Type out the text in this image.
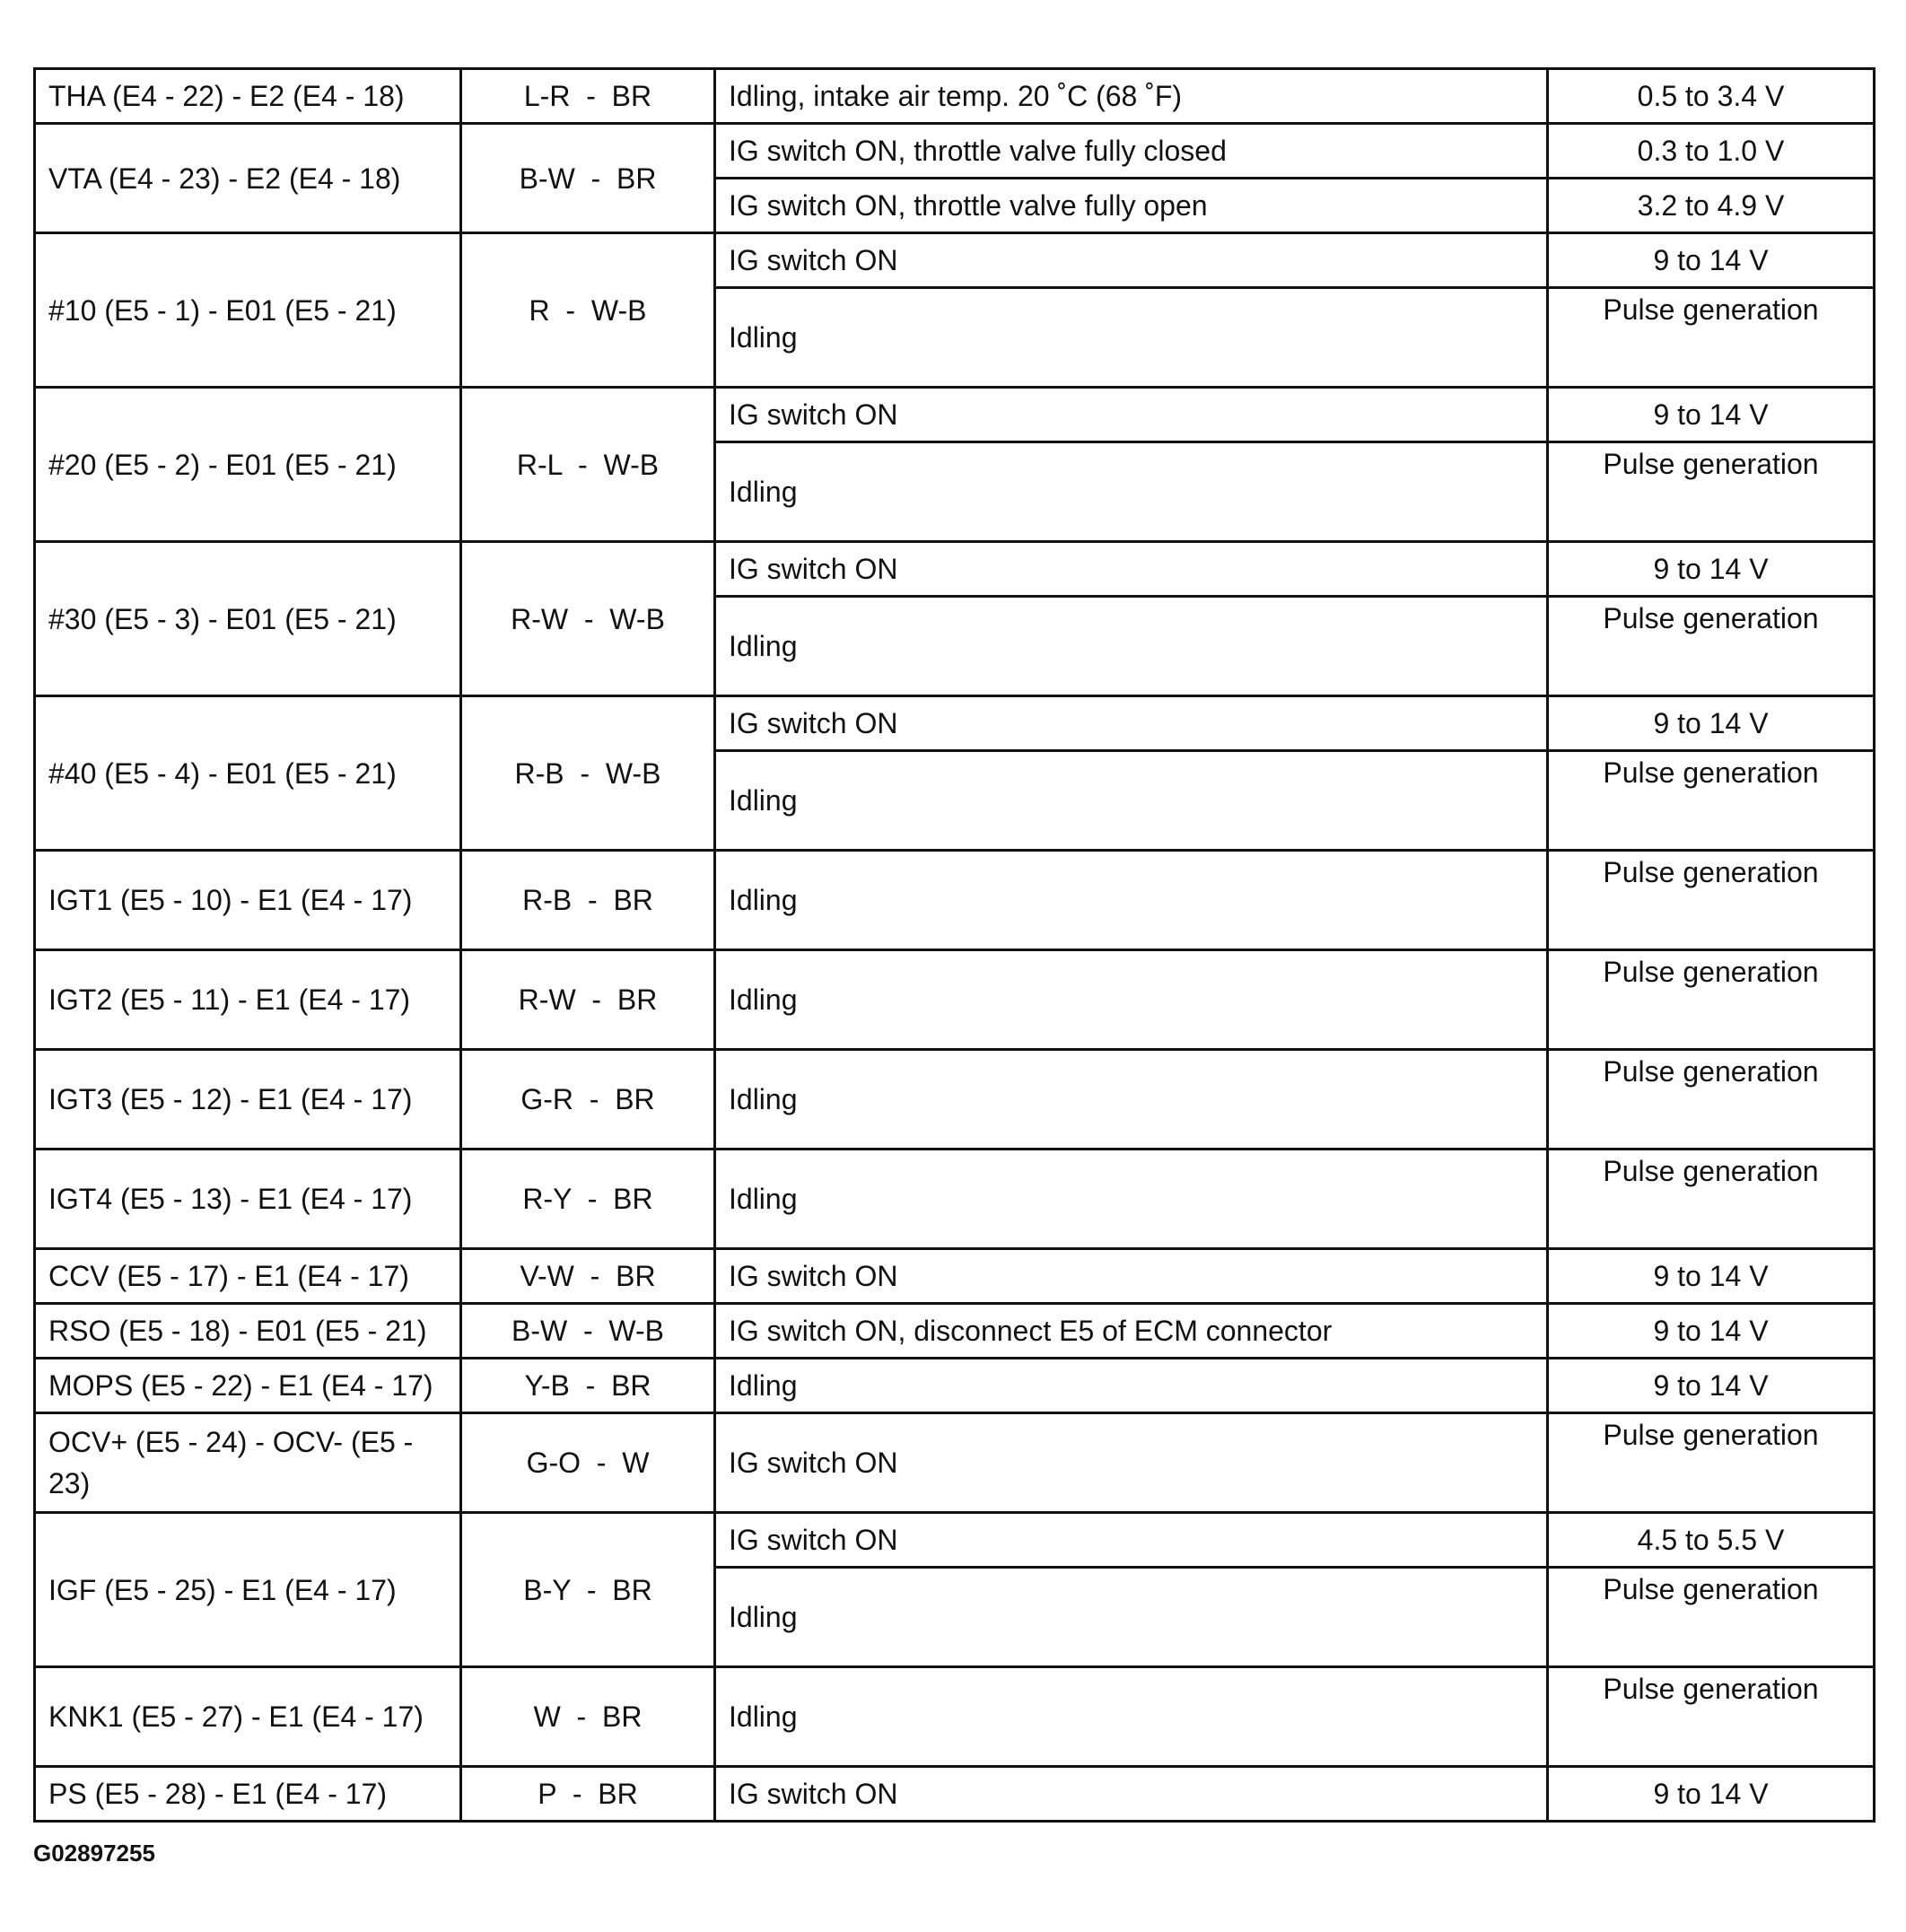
THA (E4 - 22) - E2 (E4 - 18)	L-R  -  BR	Idling, intake air temp. 20 ˚C (68 ˚F)	0.5 to 3.4 V
VTA (E4 - 23) - E2 (E4 - 18)	B-W  -  BR	IG switch ON, throttle valve fully closed	0.3 to 1.0 V
		IG switch ON, throttle valve fully open	3.2 to 4.9 V
#10 (E5 - 1) - E01 (E5 - 21)	R  -  W-B	IG switch ON	9 to 14 V
		Idling	Pulse generation
#20 (E5 - 2) - E01 (E5 - 21)	R-L  -  W-B	IG switch ON	9 to 14 V
		Idling	Pulse generation
#30 (E5 - 3) - E01 (E5 - 21)	R-W  -  W-B	IG switch ON	9 to 14 V
		Idling	Pulse generation
#40 (E5 - 4) - E01 (E5 - 21)	R-B  -  W-B	IG switch ON	9 to 14 V
		Idling	Pulse generation
IGT1 (E5 - 10) - E1 (E4 - 17)	R-B  -  BR	Idling	Pulse generation
IGT2 (E5 - 11) - E1 (E4 - 17)	R-W  -  BR	Idling	Pulse generation
IGT3 (E5 - 12) - E1 (E4 - 17)	G-R  -  BR	Idling	Pulse generation
IGT4 (E5 - 13) - E1 (E4 - 17)	R-Y  -  BR	Idling	Pulse generation
CCV (E5 - 17) - E1 (E4 - 17)	V-W  -  BR	IG switch ON	9 to 14 V
RSO (E5 - 18) - E01 (E5 - 21)	B-W  -  W-B	IG switch ON, disconnect E5 of ECM connector	9 to 14 V
MOPS (E5 - 22) - E1 (E4 - 17)	Y-B  -  BR	Idling	9 to 14 V
OCV+ (E5 - 24) - OCV- (E5 - 23)	G-O  -  W	IG switch ON	Pulse generation
IGF (E5 - 25) - E1 (E4 - 17)	B-Y  -  BR	IG switch ON	4.5 to 5.5 V
		Idling	Pulse generation
KNK1 (E5 - 27) - E1 (E4 - 17)	W  -  BR	Idling	Pulse generation
PS (E5 - 28) - E1 (E4 - 17)	P  -  BR	IG switch ON	9 to 14 V
G02897255
